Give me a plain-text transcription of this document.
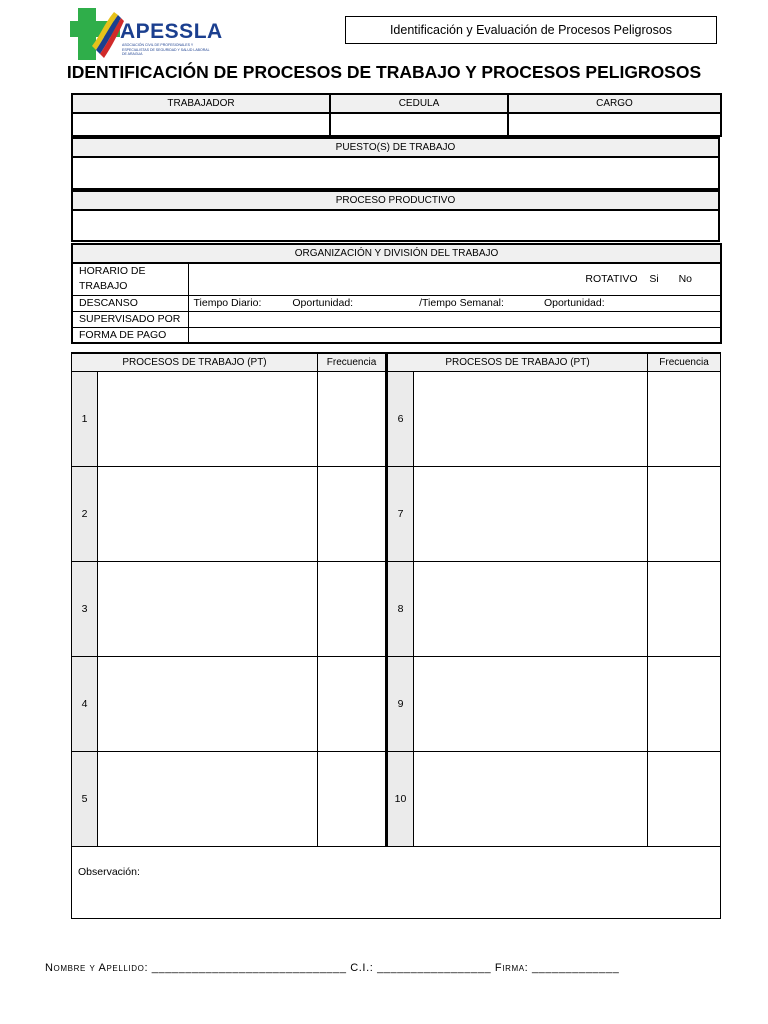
APESSLA
ASOCIACIÓN CIVIL DE PROFESIONALES Y ESPECIALISTAS DE SEGURIDAD Y SALUD LABORAL DE ARAGUA
Identificación y Evaluación de Procesos Peligrosos
IDENTIFICACIÓN DE PROCESOS DE TRABAJO Y PROCESOS PELIGROSOS
TRABAJADOR	CEDULA	CARGO

PUESTO(S) DE TRABAJO

PROCESO PRODUCTIVO

ORGANIZACIÓN Y DIVISIÓN DEL TRABAJO	
HORARIO DE TRABAJO	ROTATIVO Si No
DESCANSO	Tiempo Diario: Oportunidad: /Tiempo Semanal: Oportunidad:
SUPERVISADO POR	
FORMA DE PAGO	
PROCESOS DE TRABAJO (PT)		Frecuencia	PROCESOS DE TRABAJO (PT)		Frecuencia
1			6		
2			7		
3			8		
4			9		
5			10		

Observación:
Nombre y Apellido: _____________________________ C.I.: _________________ Firma: _____________
